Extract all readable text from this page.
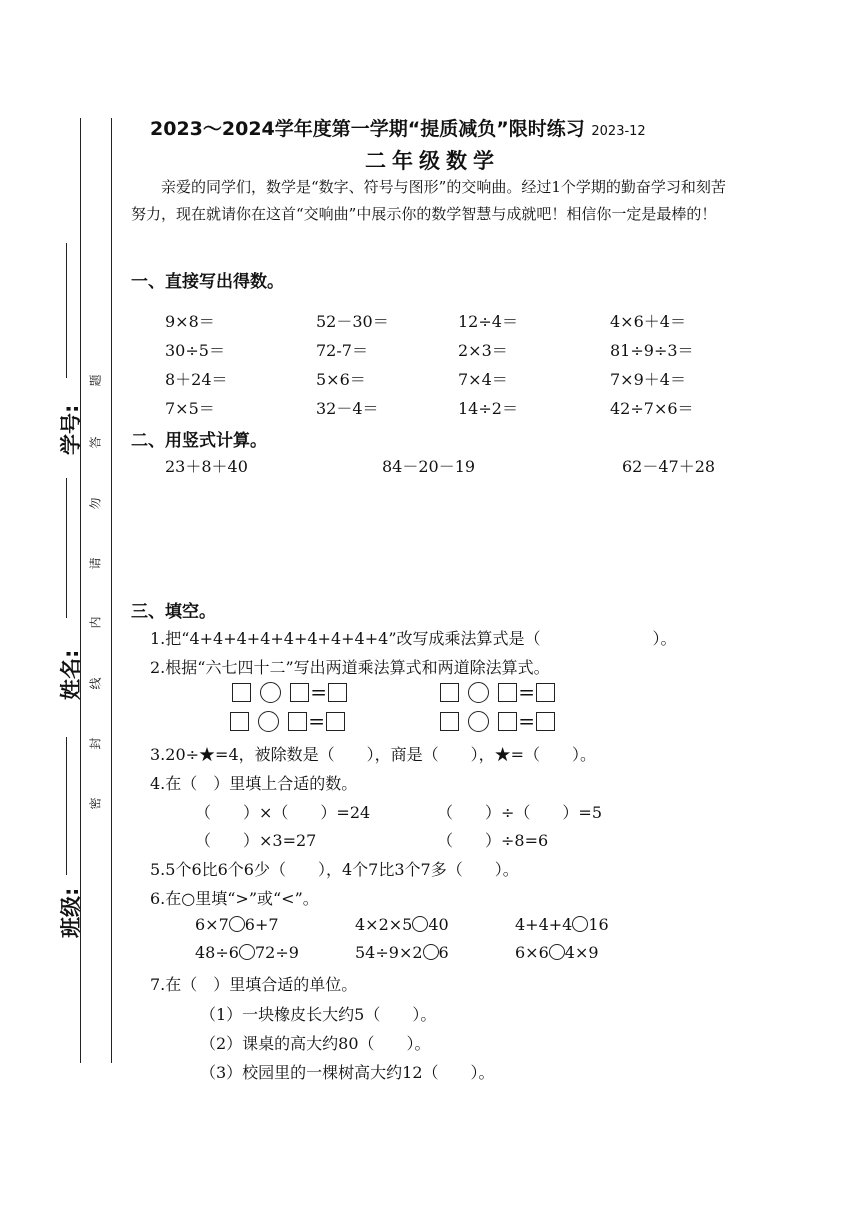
学号:
姓名:
班级:
密
封
线
内
请
勿
答
题
2023～2024学年度第一学期“提质减负”限时练习 2023-12
二年级数学
亲爱的同学们，数学是“数字、符号与图形”的交响曲。经过1个学期的勤奋学习和刻苦努力，现在就请你在这首“交响曲”中展示你的数学智慧与成就吧！相信你一定是最棒的！
一、直接写出得数。
9×8＝	52－30＝	12÷4＝	4×6＋4＝
30÷5＝	72-7＝	2×3＝	81÷9÷3＝
8＋24＝	5×6＝	7×4＝	7×9＋4＝
7×5＝	32－4＝	14÷2＝	42÷7×6＝
二、用竖式计算。
23＋8＋40	84－20－19	62－47＋28
三、填空。
1.把“4+4+4+4+4+4+4+4+4”改写成乘法算式是（　　　　　　　）。
2.根据“六七四十二”写出两道乘法算式和两道除法算式。
=	=
=	=
3.20÷★=4，被除数是（　　），商是（　　），★=（　　）。
4.在（　）里填上合适的数。
（　　）×（　　）=24	（　　）÷（　　）=5
（　　）×3=27	（　　）÷8=6
5.5个6比6个6少（　　），4个7比3个7多（　　）。
6.在○里填“>”或“<”。
6×7 6+7	4×2×5 40	4+4+4 16
48÷6 72÷9	54÷9×2 6	6×6 4×9
7.在（　）里填合适的单位。
（1）一块橡皮长大约5（　　）。
（2）课桌的高大约80（　　）。
（3）校园里的一棵树高大约12（　　）。
